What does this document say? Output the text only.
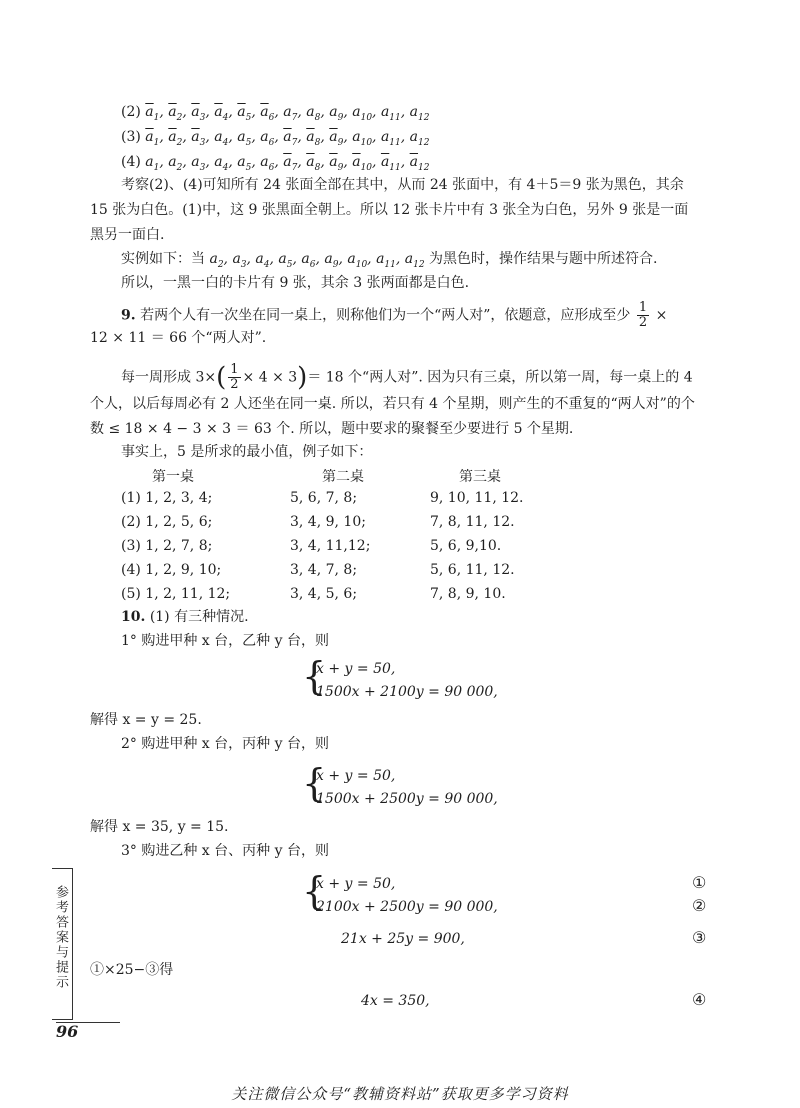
(2) $\overline{a}_1$, $\overline{a}_2$, $\overline{a}_3$, $\overline{a}_4$, $\overline{a}_5$, $\overline{a}_6$, $a_7$, $a_8$, $a_9$, $a_{10}$, $a_{11}$, $a_{12}$
(3) $\overline{a}_1$, $\overline{a}_2$, $\overline{a}_3$, $a_4$, $a_5$, $a_6$, $\overline{a}_7$, $\overline{a}_8$, $\overline{a}_9$, $a_{10}$, $a_{11}$, $a_{12}$
(4) $a_1$, $a_2$, $a_3$, $a_4$, $a_5$, $a_6$, $\overline{a}_7$, $\overline{a}_8$, $\overline{a}_9$, $\overline{a}_{10}$, $\overline{a}_{11}$, $\overline{a}_{12}$
考察(2)、(4)可知所有 24 张面全部在其中，从而 24 张面中，有 4＋5＝9 张为黑色，其余
15 张为白色。(1)中，这 9 张黑面全朝上。所以 12 张卡片中有 3 张全为白色，另外 9 张是一面
黑另一面白.
实例如下：当 $a_2$, $a_3$, $a_4$, $a_5$, $a_6$, $a_9$, $a_{10}$, $a_{11}$, $a_{12}$ 为黑色时，操作结果与题中所述符合.
所以，一黑一白的卡片有 9 张，其余 3 张两面都是白色.
9. 若两个人有一次坐在同一桌上，则称他们为一个“两人对”，依题意，应形成至少 $\frac{1}{2}$ ×
12 × 11 ＝ 66 个“两人对”.
每一周形成 $3\times( \frac{1}{2} \times 4 \times 3)= 18$ 个“两人对”. 因为只有三桌，所以第一周，每一桌上的 4
个人，以后每周必有 2 人还坐在同一桌. 所以，若只有 4 个星期，则产生的不重复的“两人对”的个
数 ≤ 18 × 4 − 3 × 3 ＝ 63 个. 所以，题中要求的聚餐至少要进行 5 个星期.
事实上，5 是所求的最小值，例子如下：
第一桌	第二桌	第三桌
(1) 1, 2, 3, 4;	5, 6, 7, 8;	9, 10, 11, 12.
(2) 1, 2, 5, 6;	3, 4, 9, 10;	7, 8, 11, 12.
(3) 1, 2, 7, 8;	3, 4, 11,12;	5, 6, 9,10.
(4) 1, 2, 9, 10;	3, 4, 7, 8;	5, 6, 11, 12.
(5) 1, 2, 11, 12;	3, 4, 5, 6;	7, 8, 9, 10.
10. (1) 有三种情况.
1° 购进甲种 x 台，乙种 y 台，则
{
x + y = 50,
1500x + 2100y = 90 000,
解得 x = y = 25.
2° 购进甲种 x 台，丙种 y 台，则
{
x + y = 50,
1500x + 2500y = 90 000,
解得 x = 35, y = 15.
3° 购进乙种 x 台、丙种 y 台，则
{
x + y = 50,
2100x + 2500y = 90 000,
①
②
21x + 25y = 900,	③
①×25−③得
4x = 350,	④
参考答案与提示
96
关注微信公众号“教辅资料站”获取更多学习资料
